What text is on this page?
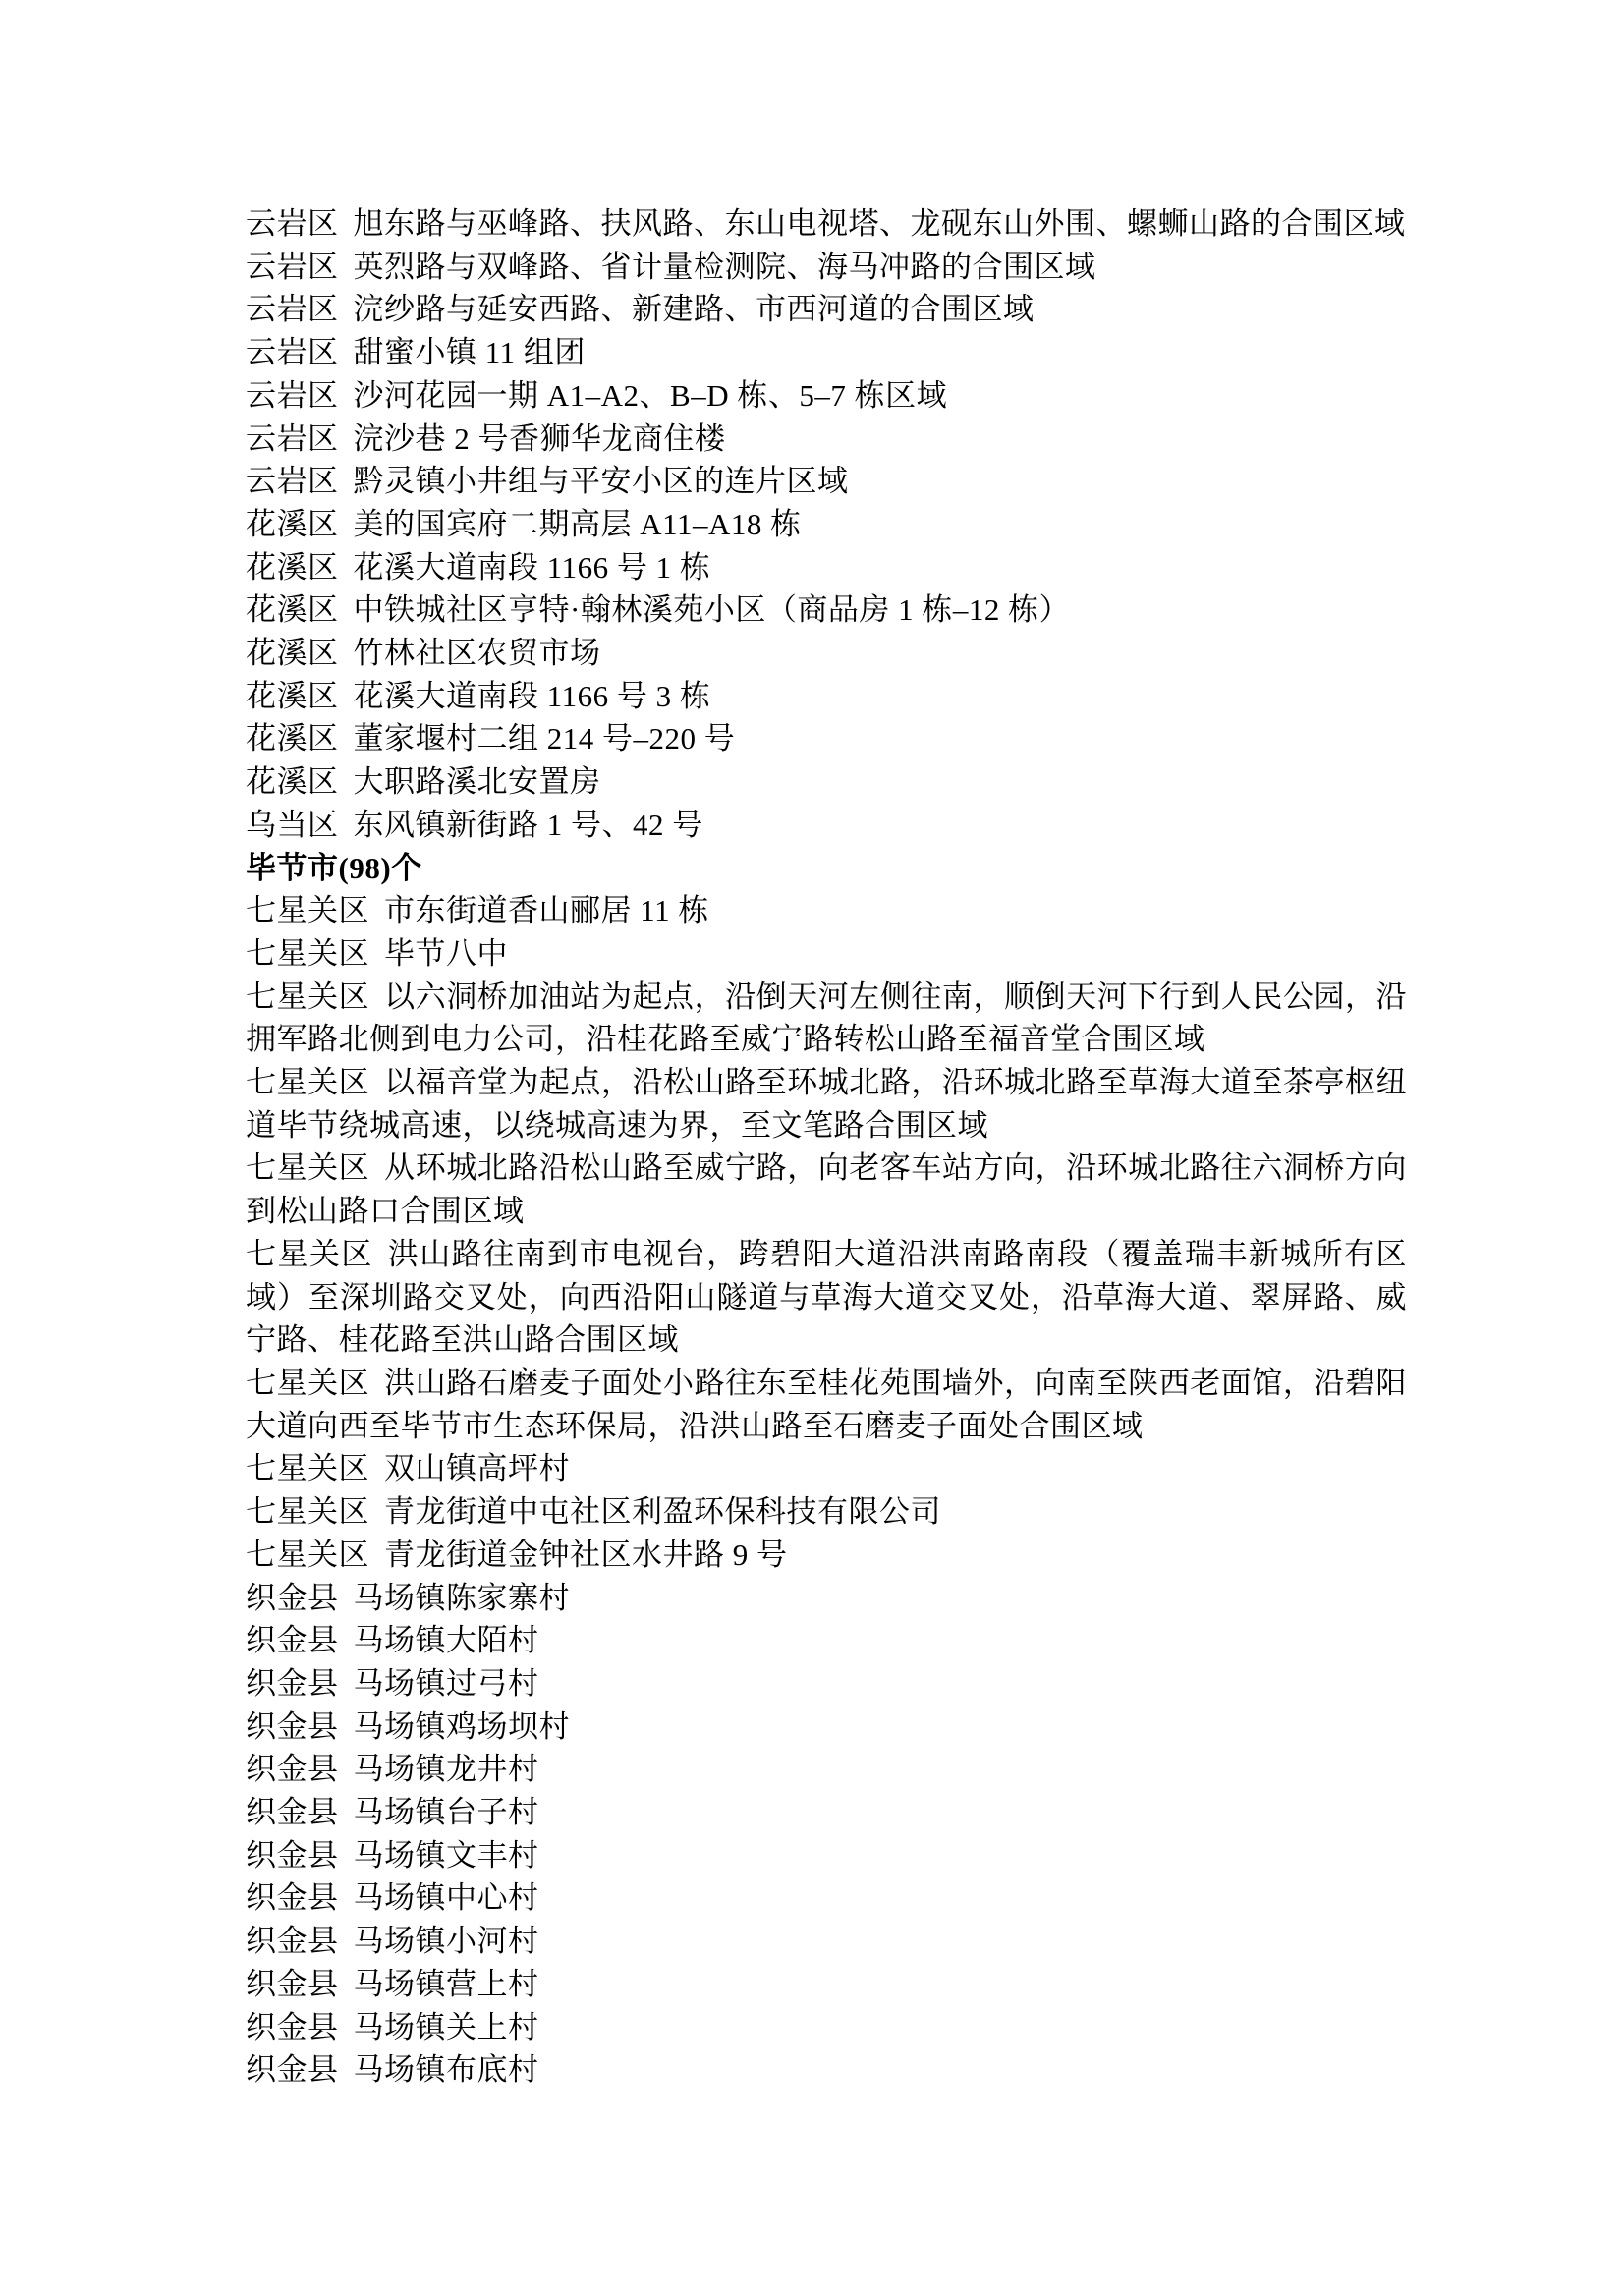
云岩区 旭东路与巫峰路、扶风路、东山电视塔、龙砚东山外围、螺蛳山路的合围区域

云岩区 英烈路与双峰路、省计量检测院、海马冲路的合围区域

云岩区 浣纱路与延安西路、新建路、市西河道的合围区域

云岩区 甜蜜小镇 11 组团

云岩区 沙河花园一期 A1–A2、B–D 栋、5–7 栋区域

云岩区 浣沙巷 2 号香狮华龙商住楼

云岩区 黔灵镇小井组与平安小区的连片区域

花溪区 美的国宾府二期高层 A11–A18 栋

花溪区 花溪大道南段 1166 号 1 栋

花溪区 中铁城社区亨特·翰林溪苑小区（商品房 1 栋–12 栋）

花溪区 竹林社区农贸市场

花溪区 花溪大道南段 1166 号 3 栋

花溪区 董家堰村二组 214 号–220 号

花溪区 大职路溪北安置房

乌当区 东风镇新街路 1 号、42 号

毕节市(98)个

七星关区 市东街道香山郦居 11 栋

七星关区 毕节八中

七星关区 以六洞桥加油站为起点，沿倒天河左侧往南，顺倒天河下行到人民公园，沿拥军路北侧到电力公司，沿桂花路至威宁路转松山路至福音堂合围区域

七星关区 以福音堂为起点，沿松山路至环城北路，沿环城北路至草海大道至茶亭枢纽道毕节绕城高速，以绕城高速为界，至文笔路合围区域

七星关区 从环城北路沿松山路至威宁路，向老客车站方向，沿环城北路往六洞桥方向到松山路口合围区域

七星关区 洪山路往南到市电视台，跨碧阳大道沿洪南路南段（覆盖瑞丰新城所有区域）至深圳路交叉处，向西沿阳山隧道与草海大道交叉处，沿草海大道、翠屏路、威宁路、桂花路至洪山路合围区域

七星关区 洪山路石磨麦子面处小路往东至桂花苑围墙外，向南至陕西老面馆，沿碧阳大道向西至毕节市生态环保局，沿洪山路至石磨麦子面处合围区域

七星关区 双山镇高坪村

七星关区 青龙街道中屯社区利盈环保科技有限公司

七星关区 青龙街道金钟社区水井路 9 号

织金县 马场镇陈家寨村

织金县 马场镇大陌村

织金县 马场镇过弓村

织金县 马场镇鸡场坝村

织金县 马场镇龙井村

织金县 马场镇台子村

织金县 马场镇文丰村

织金县 马场镇中心村

织金县 马场镇小河村

织金县 马场镇营上村

织金县 马场镇关上村

织金县 马场镇布底村
